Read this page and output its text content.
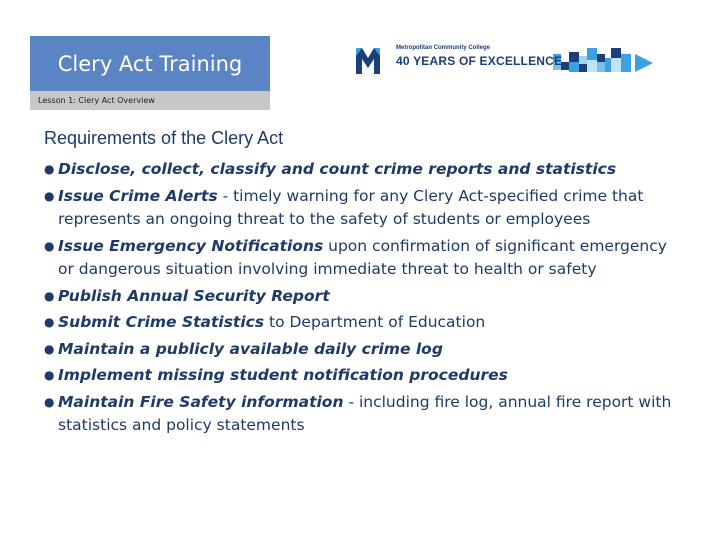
Clery Act Training
Lesson 1: Clery Act Overview
Metropolitan Community College
40 YEARS OF EXCELLENCE
Requirements of the Clery Act
● Disclose, collect, classify and count crime reports and statistics
● Issue Crime Alerts - timely warning for any Clery Act-specified crime that represents an ongoing threat to the safety of students or employees
● Issue Emergency Notifications upon confirmation of significant emergency or dangerous situation involving immediate threat to health or safety
● Publish Annual Security Report
● Submit Crime Statistics to Department of Education
● Maintain a publicly available daily crime log
● Implement missing student notification procedures
● Maintain Fire Safety information - including fire log, annual fire report with statistics and policy statements
